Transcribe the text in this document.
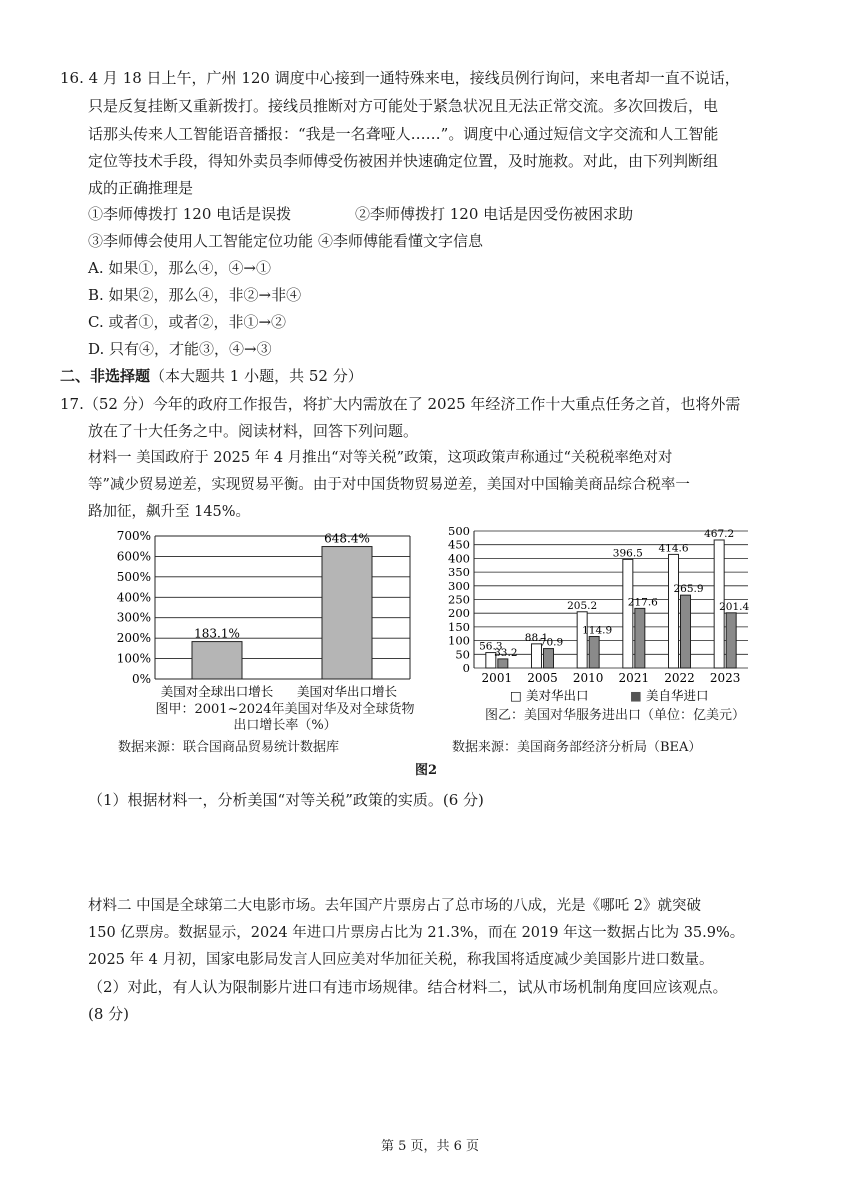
16. 4 月 18 日上午，广州 120 调度中心接到一通特殊来电，接线员例行询问，来电者却一直不说话，
只是反复挂断又重新拨打。接线员推断对方可能处于紧急状况且无法正常交流。多次回拨后，电
话那头传来人工智能语音播报：“我是一名聋哑人……”。调度中心通过短信文字交流和人工智能
定位等技术手段，得知外卖员李师傅受伤被困并快速确定位置，及时施救。对此，由下列判断组
成的正确推理是
①李师傅拨打 120 电话是误拨	②李师傅拨打 120 电话是因受伤被困求助
③李师傅会使用人工智能定位功能 ④李师傅能看懂文字信息
A. 如果①，那么④，④→①
B. 如果②，那么④，非②→非④
C. 或者①，或者②，非①→②
D. 只有④，才能③，④→③
二、非选择题（本大题共 1 小题，共 52 分）
17.（52 分）今年的政府工作报告，将扩大内需放在了 2025 年经济工作十大重点任务之首，也将外需
放在了十大任务之中。阅读材料，回答下列问题。
材料一 美国政府于 2025 年 4 月推出“对等关税”政策，这项政策声称通过“关税税率绝对对
等”减少贸易逆差，实现贸易平衡。由于对中国货物贸易逆差，美国对中国输美商品综合税率一
路加征，飙升至 145%。
0%
100%
200%
300%
400%
500%
600%
700%
183.1%
648.4%
美国对全球出口增长 美国对华出口增长
图甲：2001~2024年美国对华及对全球货物
出口增长率（%）
数据来源：联合国商品贸易统计数据库
0
50
100
150
200
250
300
350
400
450
500
56.3
33.2
2001
88.1
70.9
2005
205.2
114.9
2010
396.5
217.6
2021
414.6
265.9
2022
467.2
201.4
2023
□ 美对华出口	■ 美自华进口
图乙：美国对华服务进出口（单位：亿美元）
数据来源：美国商务部经济分析局（BEA）
图2
（1）根据材料一，分析美国“对等关税”政策的实质。(6 分)
材料二 中国是全球第二大电影市场。去年国产片票房占了总市场的八成，光是《哪吒 2》就突破
150 亿票房。数据显示，2024 年进口片票房占比为 21.3%，而在 2019 年这一数据占比为 35.9%。
2025 年 4 月初，国家电影局发言人回应美对华加征关税，称我国将适度减少美国影片进口数量。
（2）对此，有人认为限制影片进口有违市场规律。结合材料二，试从市场机制角度回应该观点。
(8 分)
第 5 页，共 6 页
